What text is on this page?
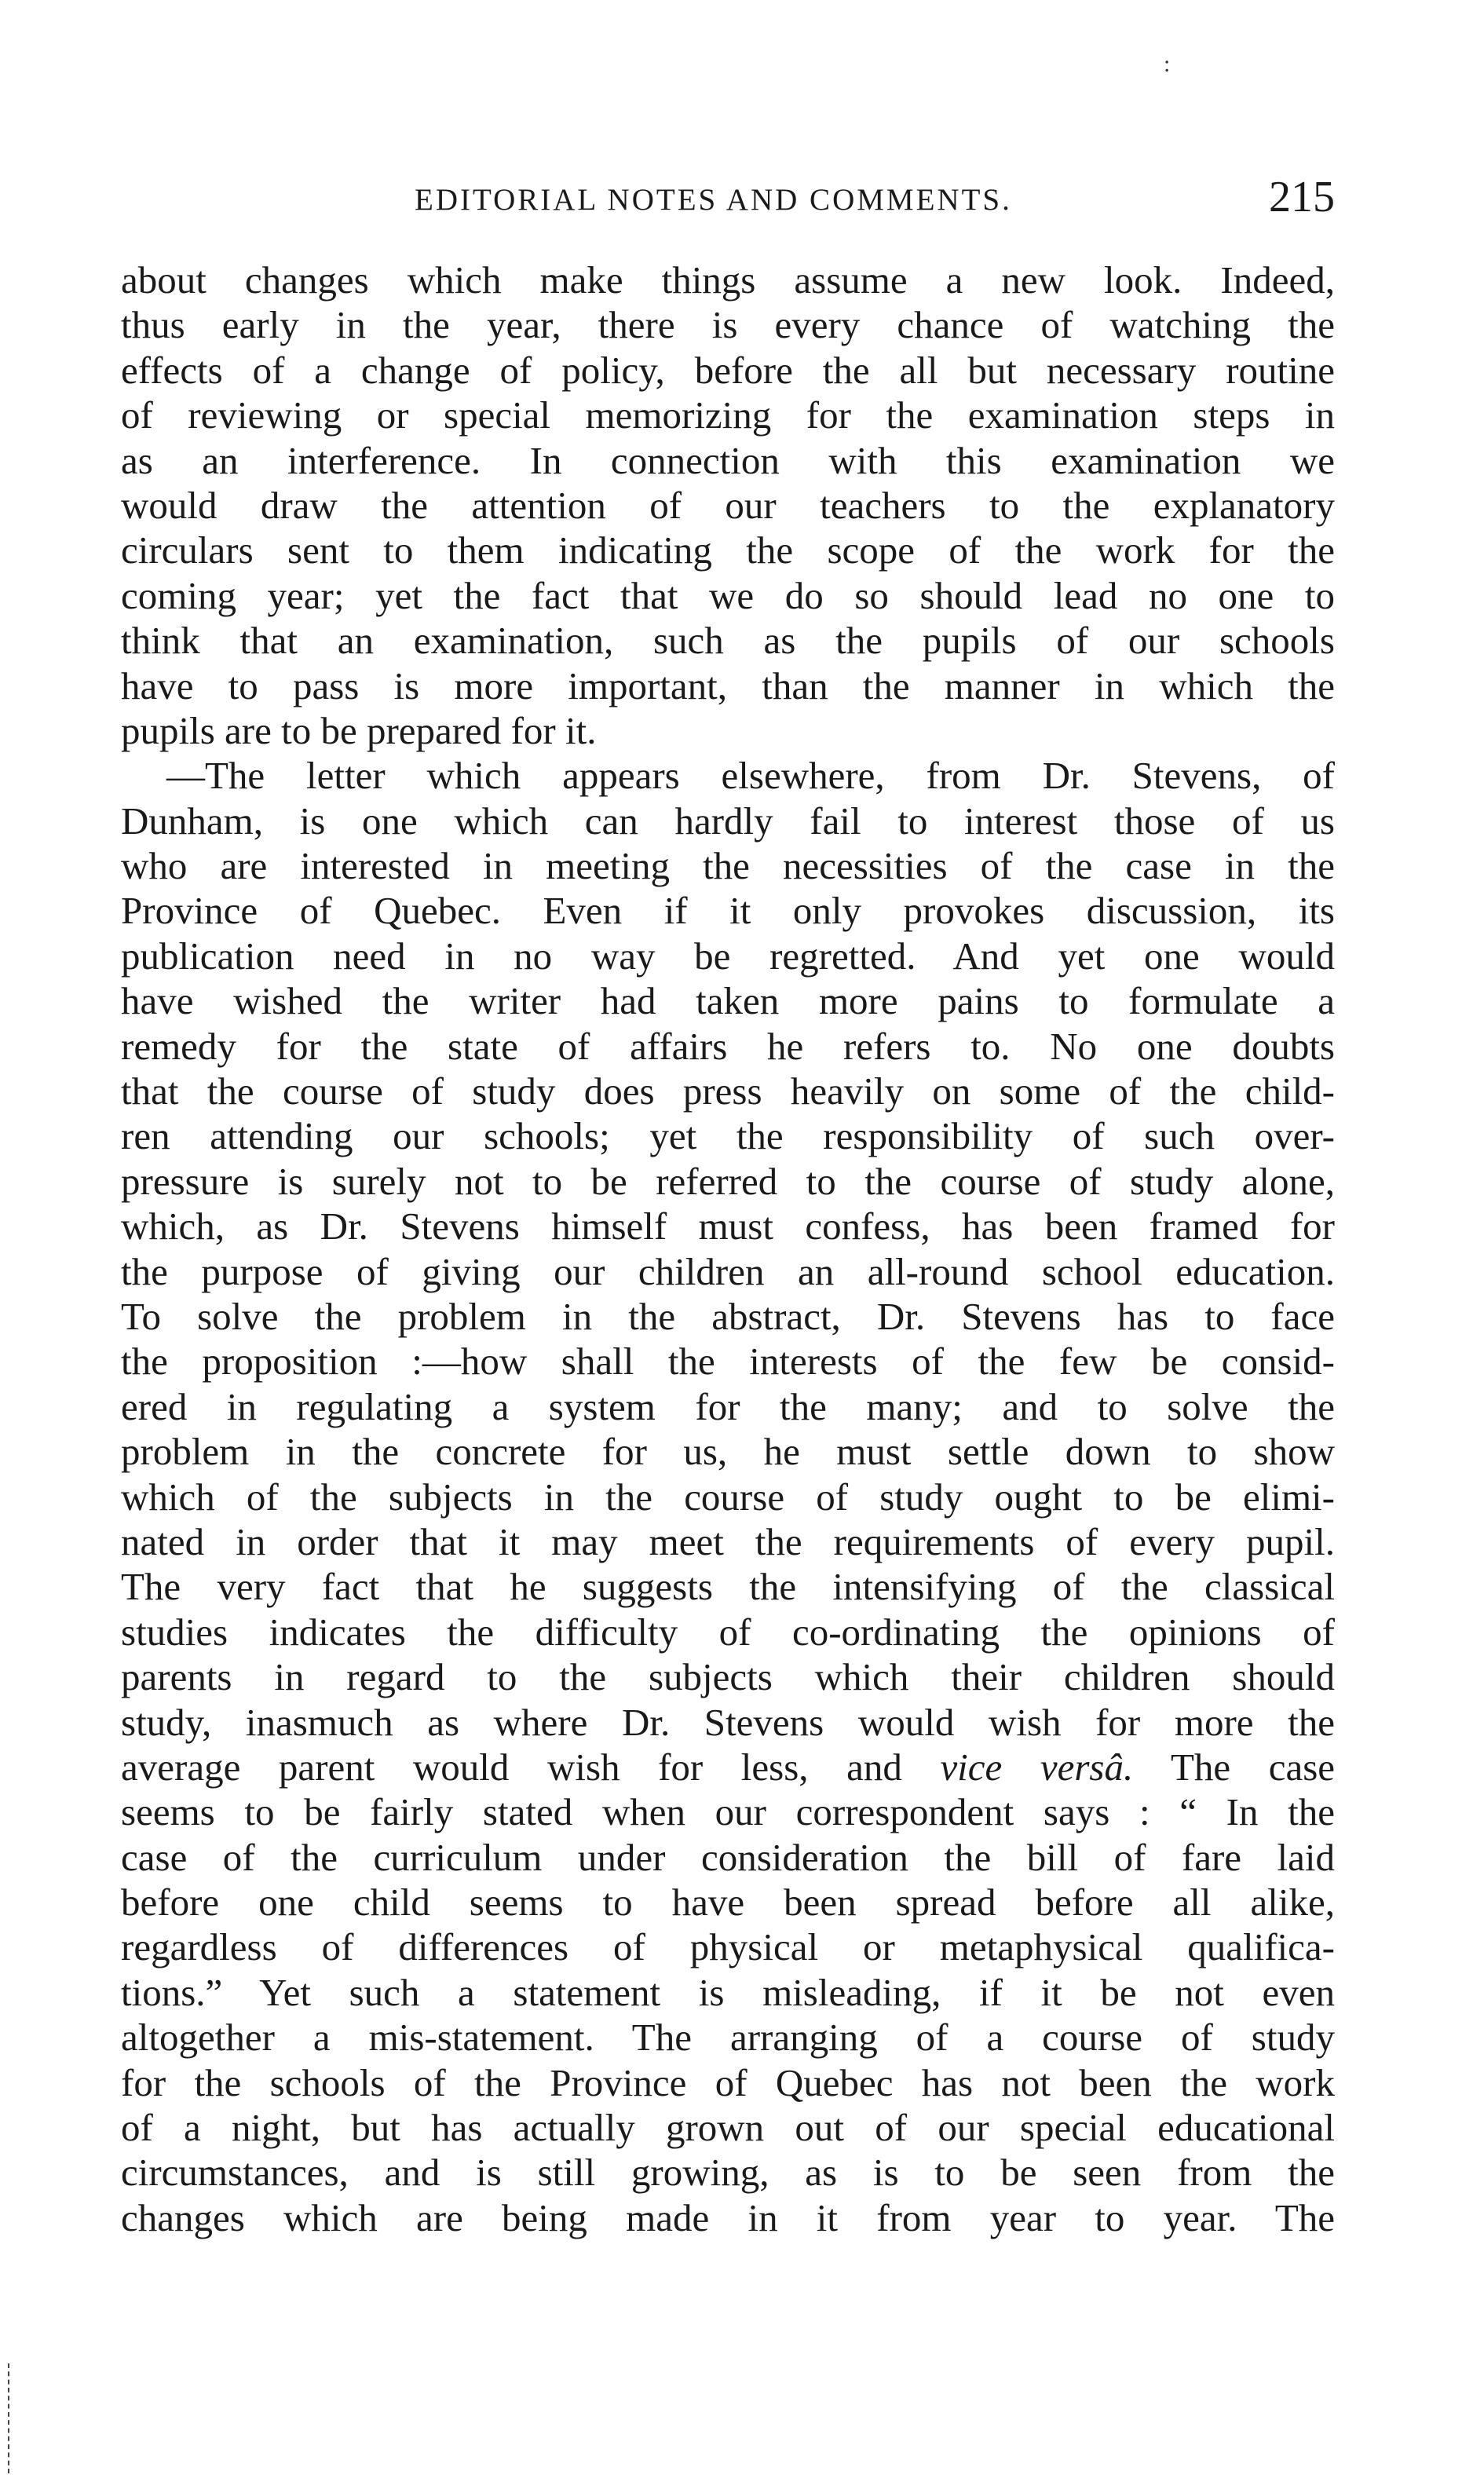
:
EDITORIAL NOTES AND COMMENTS.	215
about changes which make things assume a new look. Indeed,
thus early in the year, there is every chance of watching the
effects of a change of policy, before the all but necessary routine
of reviewing or special memorizing for the examination steps in
as an interference. In connection with this examination we
would draw the attention of our teachers to the explanatory
circulars sent to them indicating the scope of the work for the
coming year; yet the fact that we do so should lead no one to
think that an examination, such as the pupils of our schools
have to pass is more important, than the manner in which the
pupils are to be prepared for it.
—The letter which appears elsewhere, from Dr. Stevens, of
Dunham, is one which can hardly fail to interest those of us
who are interested in meeting the necessities of the case in the
Province of Quebec. Even if it only provokes discussion, its
publication need in no way be regretted. And yet one would
have wished the writer had taken more pains to formulate a
remedy for the state of affairs he refers to. No one doubts
that the course of study does press heavily on some of the child-
ren attending our schools; yet the responsibility of such over-
pressure is surely not to be referred to the course of study alone,
which, as Dr. Stevens himself must confess, has been framed for
the purpose of giving our children an all-round school education.
To solve the problem in the abstract, Dr. Stevens has to face
the proposition :—how shall the interests of the few be consid-
ered in regulating a system for the many; and to solve the
problem in the concrete for us, he must settle down to show
which of the subjects in the course of study ought to be elimi-
nated in order that it may meet the requirements of every pupil.
The very fact that he suggests the intensifying of the classical
studies indicates the difficulty of co-ordinating the opinions of
parents in regard to the subjects which their children should
study, inasmuch as where Dr. Stevens would wish for more the
average parent would wish for less, and vice versâ. The case
seems to be fairly stated when our correspondent says : “ In the
case of the curriculum under consideration the bill of fare laid
before one child seems to have been spread before all alike,
regardless of differences of physical or metaphysical qualifica-
tions.” Yet such a statement is misleading, if it be not even
altogether a mis-statement. The arranging of a course of study
for the schools of the Province of Quebec has not been the work
of a night, but has actually grown out of our special educational
circumstances, and is still growing, as is to be seen from the
changes which are being made in it from year to year. The
